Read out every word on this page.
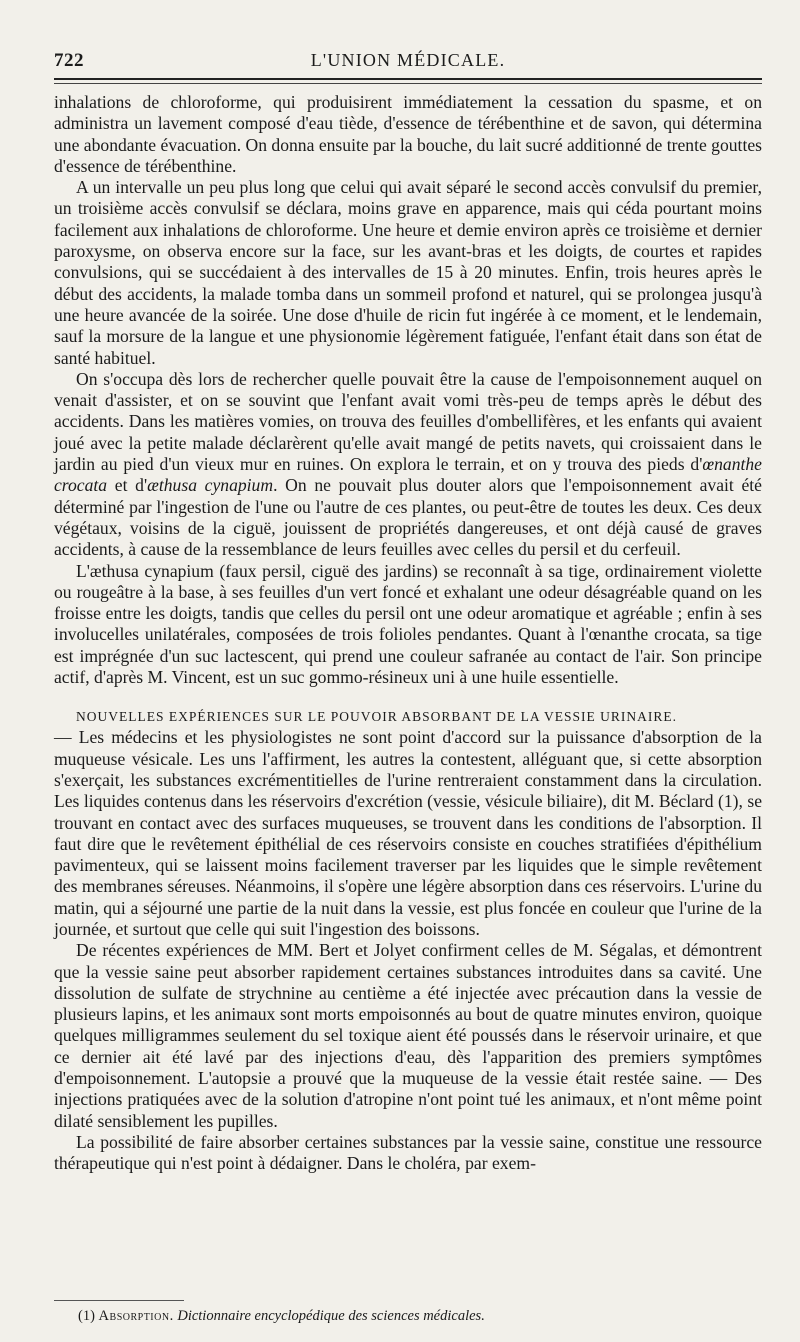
722	L'UNION MÉDICALE.

inhalations de chloroforme, qui produisirent immédiatement la cessation du spasme, et on administra un lavement composé d'eau tiède, d'essence de térébenthine et de savon, qui détermina une abondante évacuation. On donna ensuite par la bouche, du lait sucré additionné de trente gouttes d'essence de térébenthine.

A un intervalle un peu plus long que celui qui avait séparé le second accès convulsif du premier, un troisième accès convulsif se déclara, moins grave en apparence, mais qui céda pourtant moins facilement aux inhalations de chloroforme. Une heure et demie environ après ce troisième et dernier paroxysme, on observa encore sur la face, sur les avant-bras et les doigts, de courtes et rapides convulsions, qui se succédaient à des intervalles de 15 à 20 minutes. Enfin, trois heures après le début des accidents, la malade tomba dans un sommeil profond et naturel, qui se prolongea jusqu'à une heure avancée de la soirée. Une dose d'huile de ricin fut ingérée à ce moment, et le lendemain, sauf la morsure de la langue et une physionomie légèrement fatiguée, l'enfant était dans son état de santé habituel.

On s'occupa dès lors de rechercher quelle pouvait être la cause de l'empoisonnement auquel on venait d'assister, et on se souvint que l'enfant avait vomi très-peu de temps après le début des accidents. Dans les matières vomies, on trouva des feuilles d'ombellifères, et les enfants qui avaient joué avec la petite malade déclarèrent qu'elle avait mangé de petits navets, qui croissaient dans le jardin au pied d'un vieux mur en ruines. On explora le terrain, et on y trouva des pieds d'œnanthe crocata et d'æthusa cynapium. On ne pouvait plus douter alors que l'empoisonnement avait été déterminé par l'ingestion de l'une ou l'autre de ces plantes, ou peut-être de toutes les deux. Ces deux végétaux, voisins de la ciguë, jouissent de propriétés dangereuses, et ont déjà causé de graves accidents, à cause de la ressemblance de leurs feuilles avec celles du persil et du cerfeuil.

L'æthusa cynapium (faux persil, ciguë des jardins) se reconnaît à sa tige, ordinairement violette ou rougeâtre à la base, à ses feuilles d'un vert foncé et exhalant une odeur désagréable quand on les froisse entre les doigts, tandis que celles du persil ont une odeur aromatique et agréable ; enfin à ses involucelles unilatérales, composées de trois folioles pendantes. Quant à l'œnanthe crocata, sa tige est imprégnée d'un suc lactescent, qui prend une couleur safranée au contact de l'air. Son principe actif, d'après M. Vincent, est un suc gommo-résineux uni à une huile essentielle.

NOUVELLES EXPÉRIENCES SUR LE POUVOIR ABSORBANT DE LA VESSIE URINAIRE.

— Les médecins et les physiologistes ne sont point d'accord sur la puissance d'absorption de la muqueuse vésicale. Les uns l'affirment, les autres la contestent, alléguant que, si cette absorption s'exerçait, les substances excrémentitielles de l'urine rentreraient constamment dans la circulation. Les liquides contenus dans les réservoirs d'excrétion (vessie, vésicule biliaire), dit M. Béclard (1), se trouvant en contact avec des surfaces muqueuses, se trouvent dans les conditions de l'absorption. Il faut dire que le revêtement épithélial de ces réservoirs consiste en couches stratifiées d'épithélium pavimenteux, qui se laissent moins facilement traverser par les liquides que le simple revêtement des membranes séreuses. Néanmoins, il s'opère une légère absorption dans ces réservoirs. L'urine du matin, qui a séjourné une partie de la nuit dans la vessie, est plus foncée en couleur que l'urine de la journée, et surtout que celle qui suit l'ingestion des boissons.

De récentes expériences de MM. Bert et Jolyet confirment celles de M. Ségalas, et démontrent que la vessie saine peut absorber rapidement certaines substances introduites dans sa cavité. Une dissolution de sulfate de strychnine au centième a été injectée avec précaution dans la vessie de plusieurs lapins, et les animaux sont morts empoisonnés au bout de quatre minutes environ, quoique quelques milligrammes seulement du sel toxique aient été poussés dans le réservoir urinaire, et que ce dernier ait été lavé par des injections d'eau, dès l'apparition des premiers symptômes d'empoisonnement. L'autopsie a prouvé que la muqueuse de la vessie était restée saine. — Des injections pratiquées avec de la solution d'atropine n'ont point tué les animaux, et n'ont même point dilaté sensiblement les pupilles.

La possibilité de faire absorber certaines substances par la vessie saine, constitue une ressource thérapeutique qui n'est point à dédaigner. Dans le choléra, par exem-

(1) Absorption. Dictionnaire encyclopédique des sciences médicales.
